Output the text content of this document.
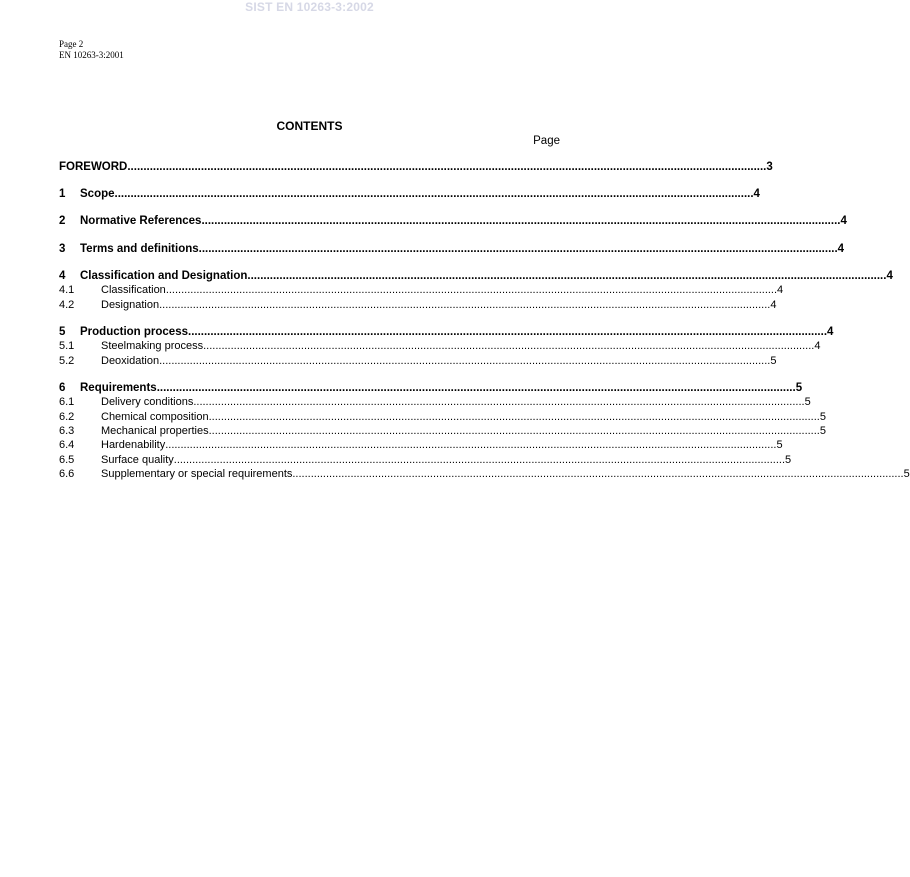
SIST EN 10263-3:2002
Page 2
EN 10263-3:2001
CONTENTS
Page
FOREWORD ........................................................................................................................................................................................................ 3
1	Scope ........................................................................................................................................................................................................ 4
2	Normative References ........................................................................................................................................................................................................ 4
3	Terms and definitions ........................................................................................................................................................................................................ 4
4	Classification and Designation ........................................................................................................................................................................................................ 4
4.1	Classification ........................................................................................................................................................................................................ 4
4.2	Designation ........................................................................................................................................................................................................ 4
5	Production process ........................................................................................................................................................................................................ 4
5.1	Steelmaking process ........................................................................................................................................................................................................ 4
5.2	Deoxidation ........................................................................................................................................................................................................ 5
6	Requirements ........................................................................................................................................................................................................ 5
6.1	Delivery conditions ........................................................................................................................................................................................................ 5
6.2	Chemical composition ........................................................................................................................................................................................................ 5
6.3	Mechanical properties ........................................................................................................................................................................................................ 5
6.4	Hardenability ........................................................................................................................................................................................................ 5
6.5	Surface quality ........................................................................................................................................................................................................ 5
6.6	Supplementary or special requirements ........................................................................................................................................................................................................ 5
